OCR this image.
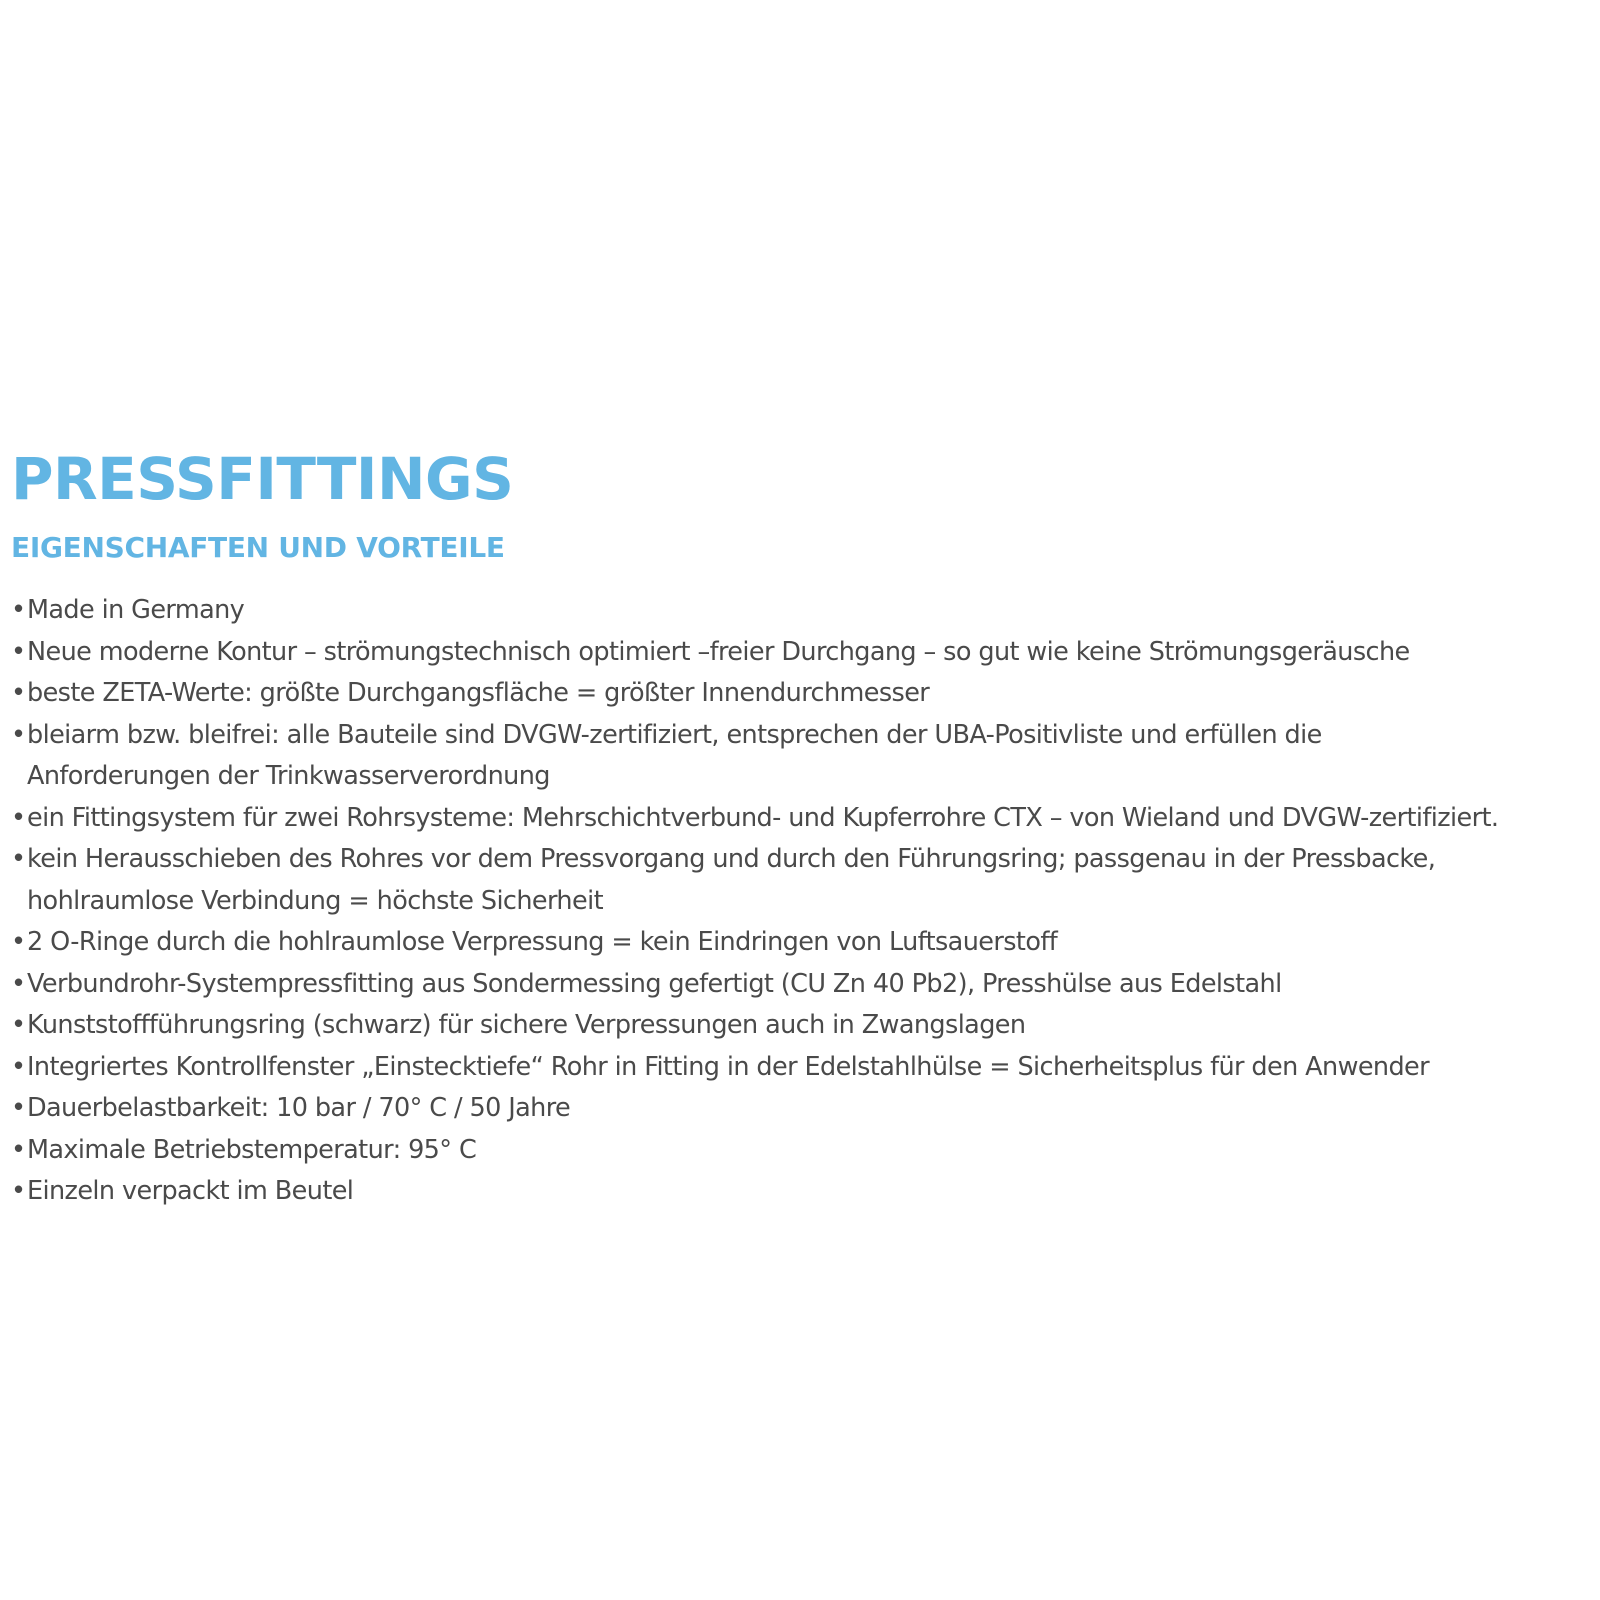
PRESSFITTINGS
EIGENSCHAFTEN UND VORTEILE
• Made in Germany
• Neue moderne Kontur – strömungstechnisch optimiert –freier Durchgang – so gut wie keine Strömungsgeräusche
• beste ZETA-Werte: größte Durchgangsfläche = größter Innendurchmesser
• bleiarm bzw. bleifrei: alle Bauteile sind DVGW-zertifiziert, entsprechen der UBA-Positivliste und erfüllen die
Anforderungen der Trinkwasserverordnung
• ein Fittingsystem für zwei Rohrsysteme: Mehrschichtverbund- und Kupferrohre CTX – von Wieland und DVGW-zertifiziert.
• kein Herausschieben des Rohres vor dem Pressvorgang und durch den Führungsring; passgenau in der Pressbacke,
hohlraumlose Verbindung = höchste Sicherheit
• 2 O-Ringe durch die hohlraumlose Verpressung = kein Eindringen von Luftsauerstoff
• Verbundrohr-Systempressfitting aus Sondermessing gefertigt (CU Zn 40 Pb2), Presshülse aus Edelstahl
• Kunststoffführungsring (schwarz) für sichere Verpressungen auch in Zwangslagen
• Integriertes Kontrollfenster „Einstecktiefe“ Rohr in Fitting in der Edelstahlhülse = Sicherheitsplus für den Anwender
• Dauerbelastbarkeit: 10 bar / 70° C / 50 Jahre
• Maximale Betriebstemperatur: 95° C
• Einzeln verpackt im Beutel
